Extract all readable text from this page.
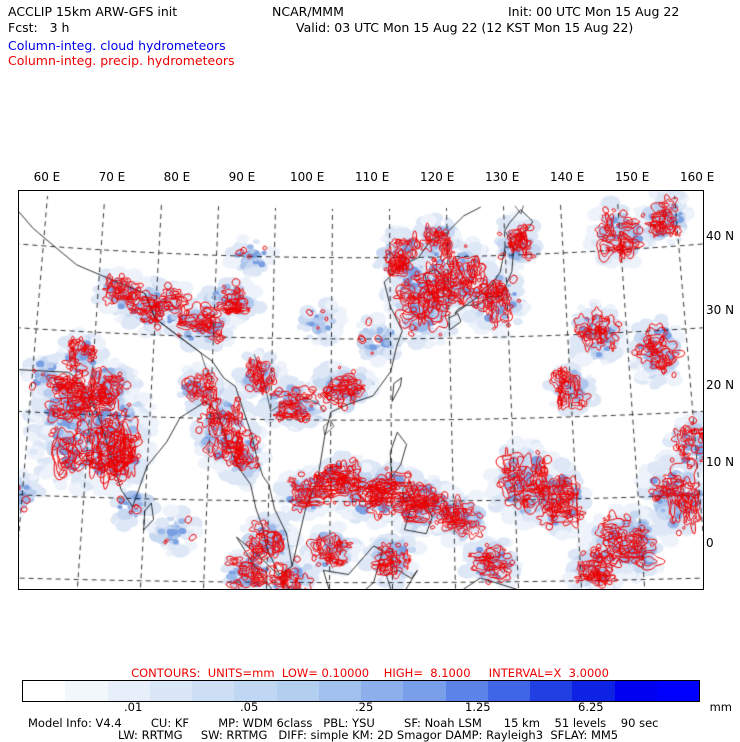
ACCLIP 15km ARW-GFS init	NCAR/MMM	Init: 00 UTC Mon 15 Aug 22
Fcst:   3 h	Valid: 03 UTC Mon 15 Aug 22 (12 KST Mon 15 Aug 22)
Column-integ. cloud hydrometeors
Column-integ. precip. hydrometeors
60 E	70 E	80 E	90 E	100 E	110 E	120 E	130 E	140 E	150 E	160 E
40 N
30 N
20 N
10 N
0
CONTOURS:  UNITS=mm  LOW= 0.10000    HIGH=  8.1000     INTERVAL=X  3.0000
.01	.05	.25	1.25	6.25	mm
Model Info: V4.4        CU: KF        MP: WDM 6class   PBL: YSU        SF: Noah LSM      15 km    51 levels    90 sec
LW: RRTMG     SW: RRTMG   DIFF: simple KM: 2D Smagor DAMP: Rayleigh3  SFLAY: MM5
